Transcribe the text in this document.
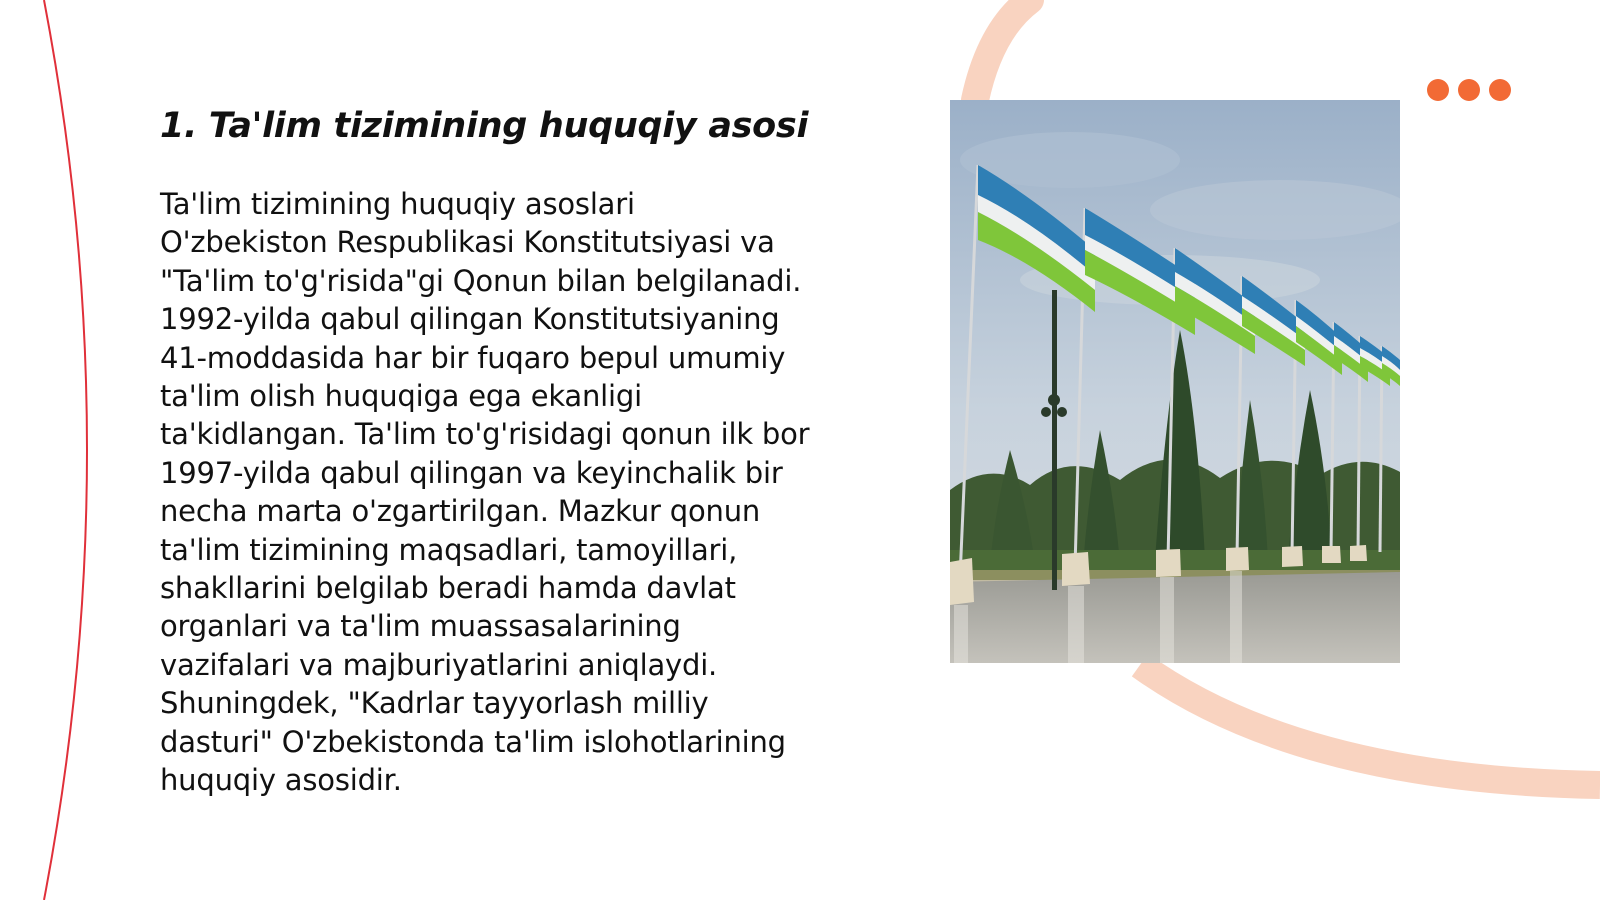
1. Ta'lim tizimining huquqiy asosi

Ta'lim tizimining huquqiy asoslari
O'zbekiston Respublikasi Konstitutsiyasi va
"Ta'lim to'g'risida"gi Qonun bilan belgilanadi.
1992-yilda qabul qilingan Konstitutsiyaning
41-moddasida har bir fuqaro bepul umumiy
ta'lim olish huquqiga ega ekanligi
ta'kidlangan. Ta'lim to'g'risidagi qonun ilk bor
1997-yilda qabul qilingan va keyinchalik bir
necha marta o'zgartirilgan. Mazkur qonun
ta'lim tizimining maqsadlari, tamoyillari,
shakllarini belgilab beradi hamda davlat
organlari va ta'lim muassasalarining
vazifalari va majburiyatlarini aniqlaydi.
Shuningdek, "Kadrlar tayyorlash milliy
dasturi" O'zbekistonda ta'lim islohotlarining
huquqiy asosidir.
